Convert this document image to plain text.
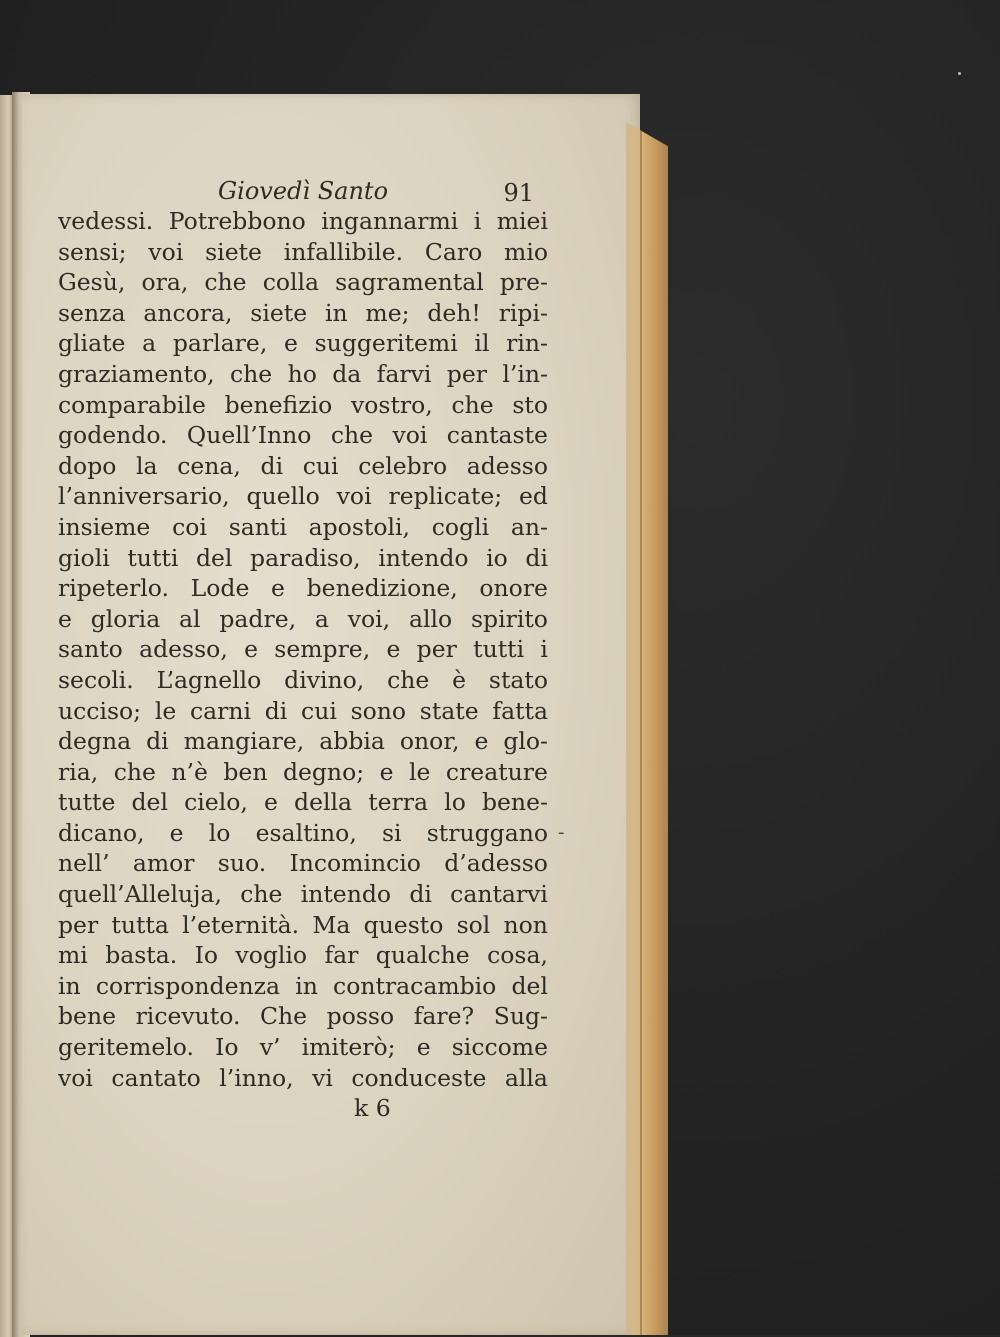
Giovedì Santo	91
vedessi. Potrebbono ingannarmi i miei
sensi; voi siete infallibile. Caro mio
Gesù, ora, che colla sagramental pre-
senza ancora, siete in me; deh! ripi-
gliate a parlare, e suggeritemi il rin-
graziamento, che ho da farvi per l’in-
comparabile benefizio vostro, che sto
godendo. Quell’Inno che voi cantaste
dopo la cena, di cui celebro adesso
l’anniversario, quello voi replicate; ed
insieme coi santi apostoli, cogli an-
gioli tutti del paradiso, intendo io di
ripeterlo. Lode e benedizione, onore
e gloria al padre, a voi, allo spirito
santo adesso, e sempre, e per tutti i
secoli. L’agnello divino, che è stato
ucciso; le carni di cui sono state fatta
degna di mangiare, abbia onor, e glo-
ria, che n’è ben degno; e le creature
tutte del cielo, e della terra lo bene-
dicano, e lo esaltino, si struggano
nell’ amor suo. Incomincio d’adesso
quell’Alleluja, che intendo di cantarvi
per tutta l’eternità. Ma questo sol non
mi basta. Io voglio far qualche cosa,
in corrispondenza in contracambio del
bene ricevuto. Che posso fare? Sug-
geritemelo. Io v’ imiterò; e siccome
voi cantato l’inno, vi conduceste alla
k 6
-
